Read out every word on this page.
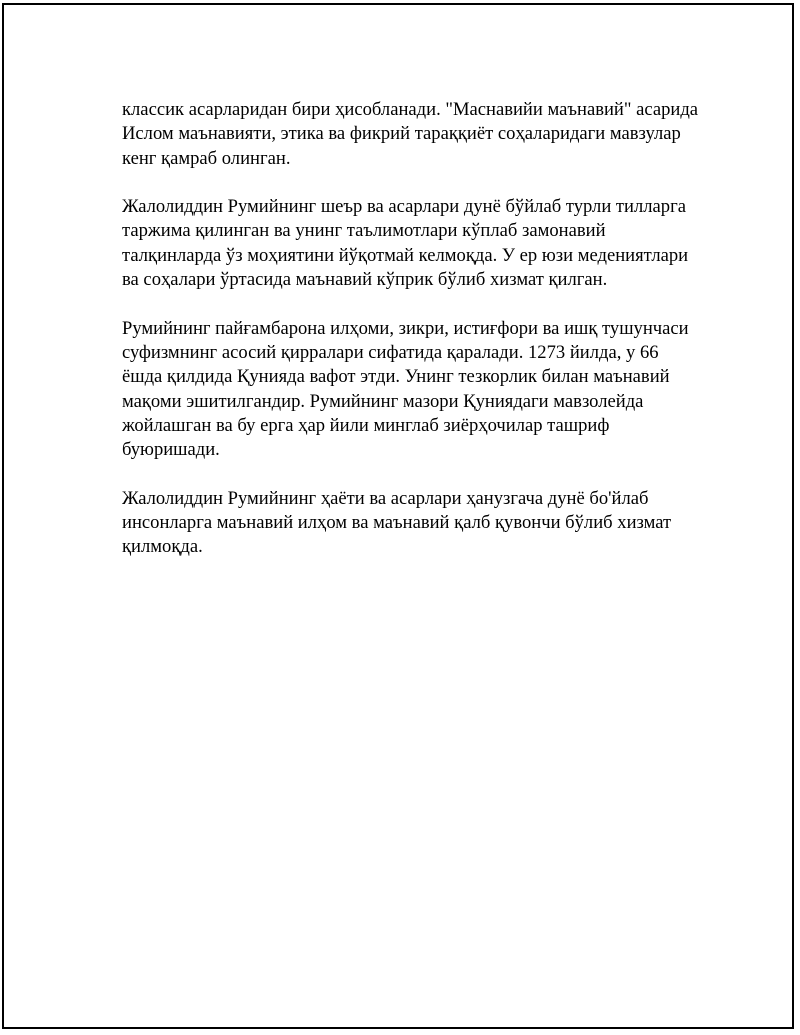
классик асарларидан бири ҳисобланади. "Маснавийи маънавий" асарида Ислом маънавияти, этика ва фикрий тараққиёт соҳаларидаги мавзулар кенг қамраб олинган.

Жалолиддин Румийнинг шеър ва асарлари дунё бўйлаб турли тилларга таржима қилинган ва унинг таълимотлари кўплаб замонавий талқинларда ўз моҳиятини йўқотмай келмоқда. У ер юзи медениятлари ва соҳалари ўртасида маънавий кўприк бўлиб хизмат қилган.

Румийнинг пайғамбарона илҳоми, зикри, истиғфори ва ишқ тушунчаси суфизмнинг асосий қирралари сифатида қаралади. 1273 йилда, у 66 ёшда қилдида Қунияда вафот этди. Унинг тезкорлик билан маънавий мақоми эшитилгандир. Румийнинг мазори Қуниядаги мавзолейда жойлашган ва бу ерга ҳар йили минглаб зиёрҳочилар ташриф буюришади.

Жалолиддин Румийнинг ҳаёти ва асарлари ҳанузгача дунё бо'йлаб инсонларга маънавий илҳом ва маънавий қалб қувончи бўлиб хизмат қилмоқда.
